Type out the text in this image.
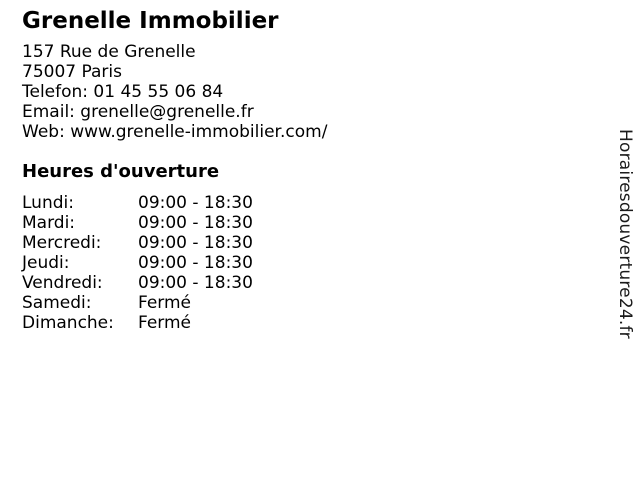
Grenelle Immobilier
157 Rue de Grenelle
75007 Paris
Telefon: 01 45 55 06 84
Email: grenelle@grenelle.fr
Web: www.grenelle-immobilier.com/
Heures d'ouverture
Lundi:	09:00 - 18:30
Mardi:	09:00 - 18:30
Mercredi:	09:00 - 18:30
Jeudi:	09:00 - 18:30
Vendredi:	09:00 - 18:30
Samedi:	Fermé
Dimanche:	Fermé	Horairesdouverture24.fr
